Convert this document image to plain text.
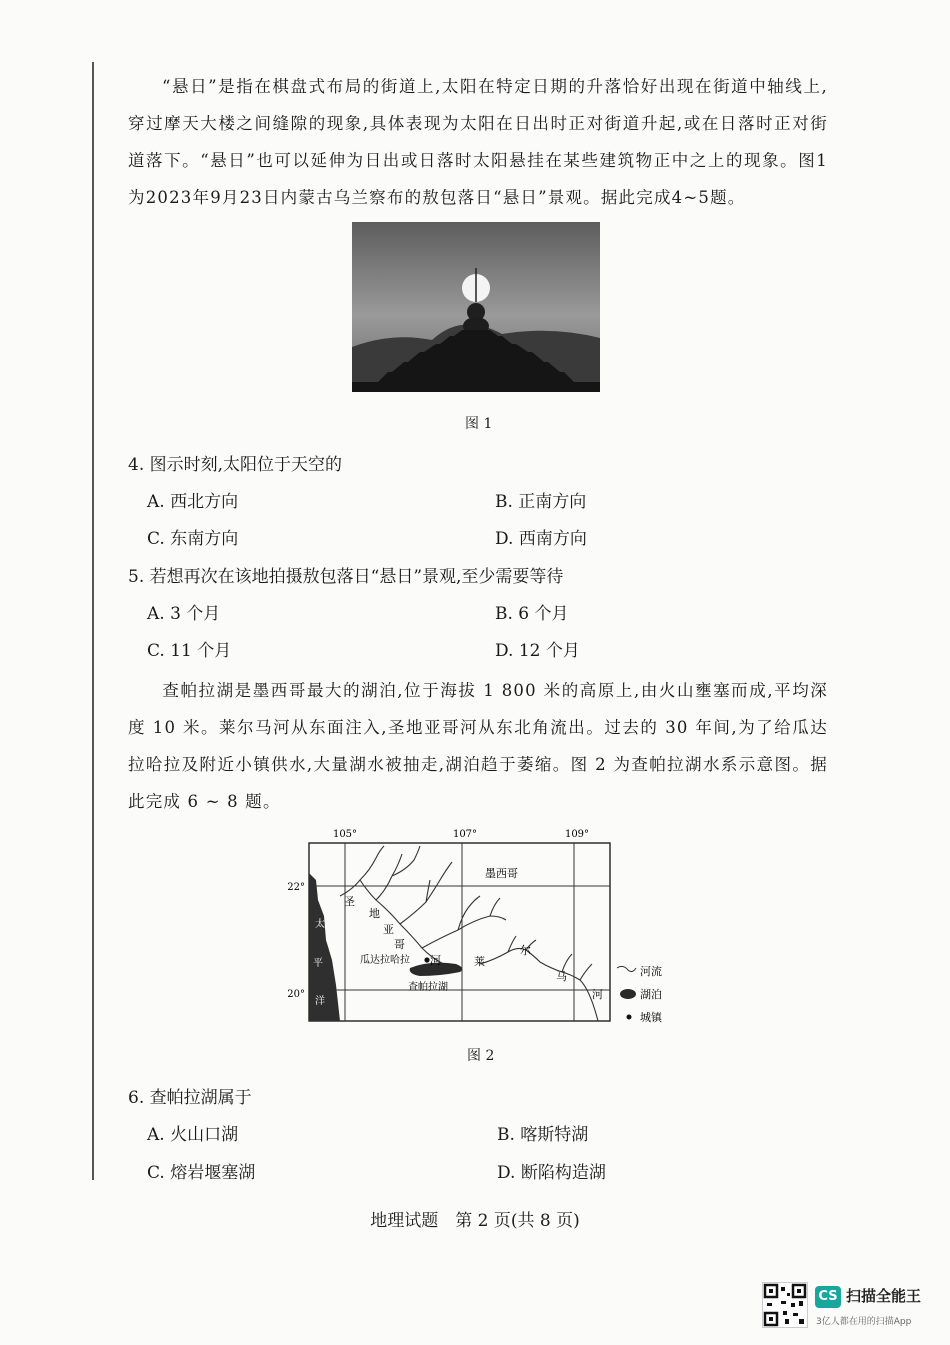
“悬日”是指在棋盘式布局的街道上,太阳在特定日期的升落恰好出现在街道中轴线上,穿过摩天大楼之间缝隙的现象,具体表现为太阳在日出时正对街道升起,或在日落时正对街道落下。“悬日”也可以延伸为日出或日落时太阳悬挂在某些建筑物正中之上的现象。图1为2023年9月23日内蒙古乌兰察布的敖包落日“悬日”景观。据此完成4~5题。
图 1
4. 图示时刻,太阳位于天空的
A. 西北方向	B. 正南方向
C. 东南方向	D. 西南方向
5. 若想再次在该地拍摄敖包落日“悬日”景观,至少需要等待
A. 3 个月	B. 6 个月
C. 11 个月	D. 12 个月
查帕拉湖是墨西哥最大的湖泊,位于海拔 1 800 米的高原上,由火山壅塞而成,平均深度 10 米。莱尔马河从东面注入,圣地亚哥河从东北角流出。过去的 30 年间,为了给瓜达拉哈拉及附近小镇供水,大量湖水被抽走,湖泊趋于萎缩。图 2 为查帕拉湖水系示意图。据此完成 6 ~ 8 题。
105°	107°	109°
22°
20°
太
平
洋
墨西哥
圣
地
亚
哥
河	莱
尔
马
河
瓜达拉哈拉
查帕拉湖
河流
湖泊
城镇
图 2
6. 查帕拉湖属于
A. 火山口湖	B. 喀斯特湖
C. 熔岩堰塞湖	D. 断陷构造湖
地理试题　第 2 页(共 8 页)
CS 扫描全能王
3亿人都在用的扫描App
